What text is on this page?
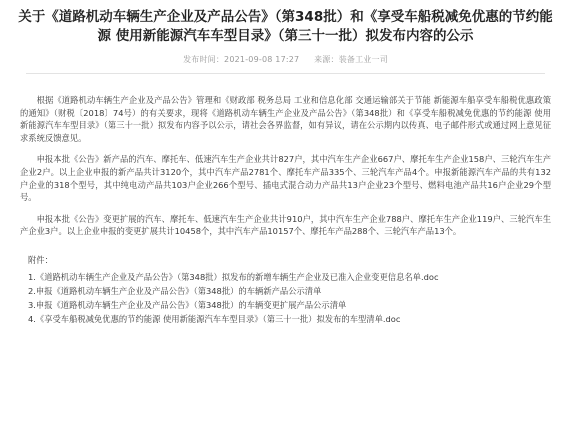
关于《道路机动车辆生产企业及产品公告》（第348批）和《享受车船税减免优惠的节约能源 使用新能源汽车车型目录》（第三十一批）拟发布内容的公示
发布时间：2021-09-08 17:27 来源：装备工业一司

根据《道路机动车辆生产企业及产品公告》管理和《财政部 税务总局 工业和信息化部 交通运输部关于节能 新能源车船享受车船税优惠政策的通知》（财税〔2018〕74号）的有关要求，现将《道路机动车辆生产企业及产品公告》（第348批）和《享受车船税减免优惠的节约能源 使用新能源汽车车型目录》（第三十一批）拟发布内容予以公示，请社会各界监督，如有异议，请在公示期内以传真、电子邮件形式或通过网上意见征求系统反馈意见。

申报本批《公告》新产品的汽车、摩托车、低速汽车生产企业共计827户，其中汽车生产企业667户、摩托车生产企业158户、三轮汽车生产企业2户。以上企业申报的新产品共计3120个，其中汽车产品2781个、摩托车产品335个、三轮汽车产品4个。申报新能源汽车产品的共有132户企业的318个型号，其中纯电动产品共103户企业266个型号、插电式混合动力产品共13户企业23个型号、燃料电池产品共16户企业29个型号。

申报本批《公告》变更扩展的汽车、摩托车、低速汽车生产企业共计910户，其中汽车生产企业788户、摩托车生产企业119户、三轮汽车生产企业3户。以上企业申报的变更扩展共计10458个，其中汽车产品10157个、摩托车产品288个、三轮汽车产品13个。

附件：
1.《道路机动车辆生产企业及产品公告》（第348批）拟发布的新增车辆生产企业及已准入企业变更信息名单.doc
2.申报《道路机动车辆生产企业及产品公告》（第348批）的车辆新产品公示清单
3.申报《道路机动车辆生产企业及产品公告》（第348批）的车辆变更扩展产品公示清单
4.《享受车船税减免优惠的节约能源 使用新能源汽车车型目录》（第三十一批）拟发布的车型清单.doc
